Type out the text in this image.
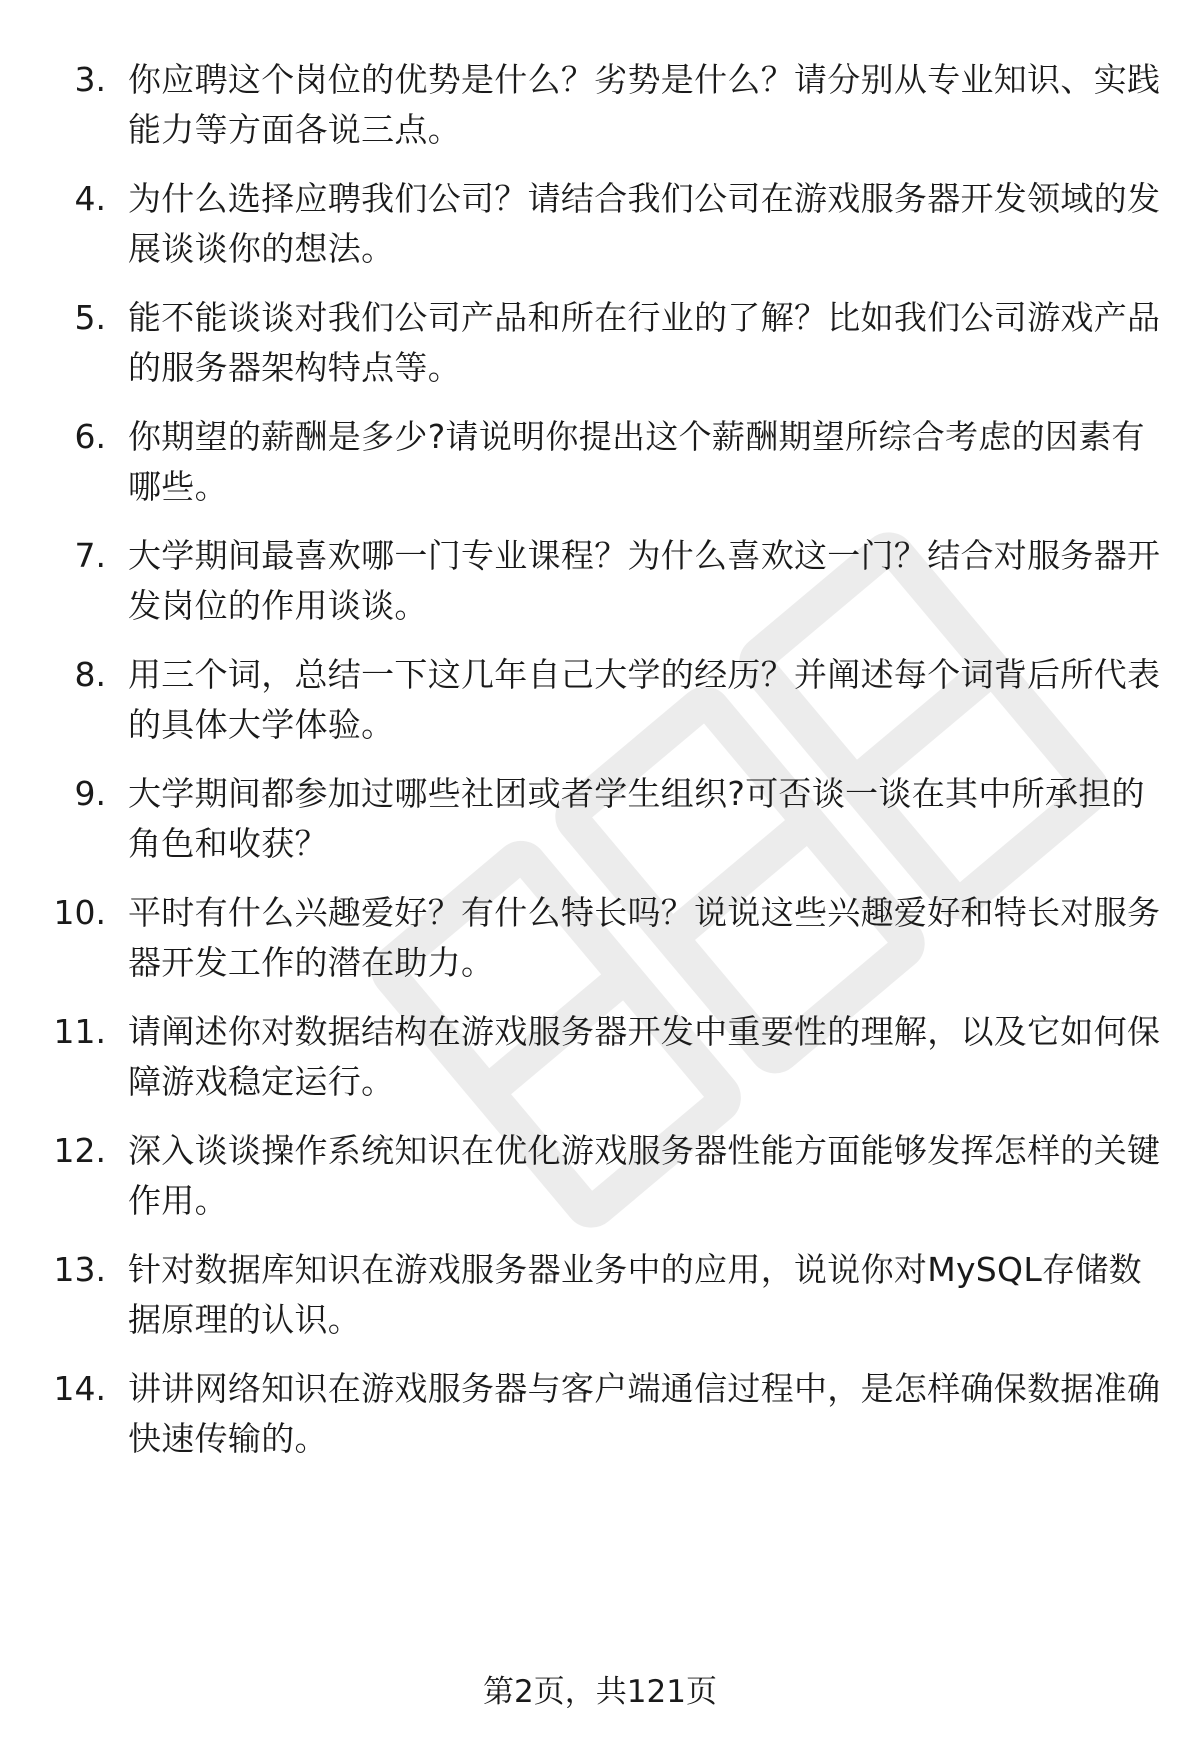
3. 你应聘这个岗位的优势是什么？劣势是什么？请分别从专业知识、实践能力等方面各说三点。
4. 为什么选择应聘我们公司？请结合我们公司在游戏服务器开发领域的发展谈谈你的想法。
5. 能不能谈谈对我们公司产品和所在行业的了解？比如我们公司游戏产品的服务器架构特点等。
6. 你期望的薪酬是多少?请说明你提出这个薪酬期望所综合考虑的因素有哪些。
7. 大学期间最喜欢哪一门专业课程？为什么喜欢这一门？结合对服务器开发岗位的作用谈谈。
8. 用三个词，总结一下这几年自己大学的经历？并阐述每个词背后所代表的具体大学体验。
9. 大学期间都参加过哪些社团或者学生组织?可否谈一谈在其中所承担的角色和收获？
10. 平时有什么兴趣爱好？有什么特长吗？说说这些兴趣爱好和特长对服务器开发工作的潜在助力。
11. 请阐述你对数据结构在游戏服务器开发中重要性的理解，以及它如何保障游戏稳定运行。
12. 深入谈谈操作系统知识在优化游戏服务器性能方面能够发挥怎样的关键作用。
13. 针对数据库知识在游戏服务器业务中的应用，说说你对MySQL存储数据原理的认识。
14. 讲讲网络知识在游戏服务器与客户端通信过程中，是怎样确保数据准确快速传输的。
第2页，共121页
